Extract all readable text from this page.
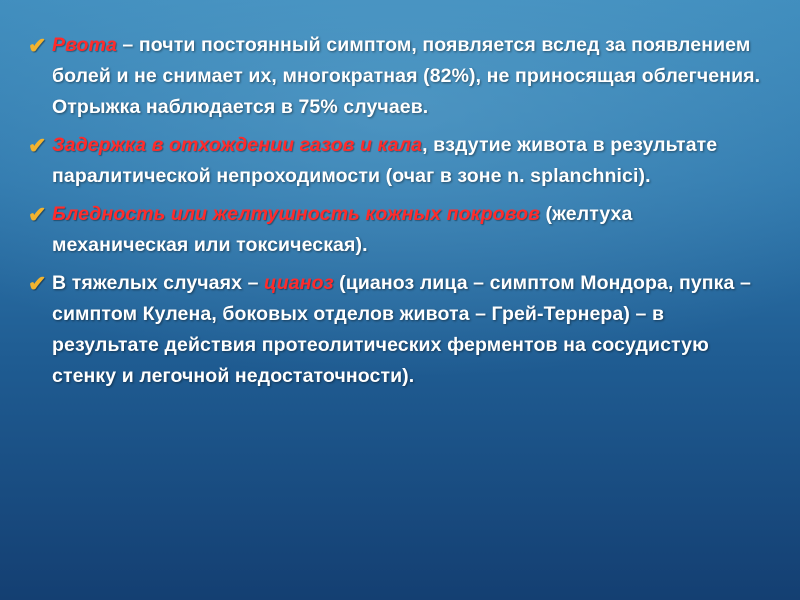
✔ Рвота – почти постоянный симптом, появляется вслед за появлением болей и не снимает их, многократная (82%), не приносящая облегчения. Отрыжка наблюдается в 75% случаев.
✔ Задержка в отхождении газов и кала, вздутие живота в результате паралитической непроходимости (очаг в зоне n. splanchnici).
✔ Бледность или желтушность кожных покровов (желтуха механическая или токсическая).
✔ В тяжелых случаях – цианоз (цианоз лица – симптом Мондора, пупка – симптом Кулена, боковых отделов живота – Грей-Тернера) – в результате действия протеолитических ферментов на сосудистую стенку и легочной недостаточности).
